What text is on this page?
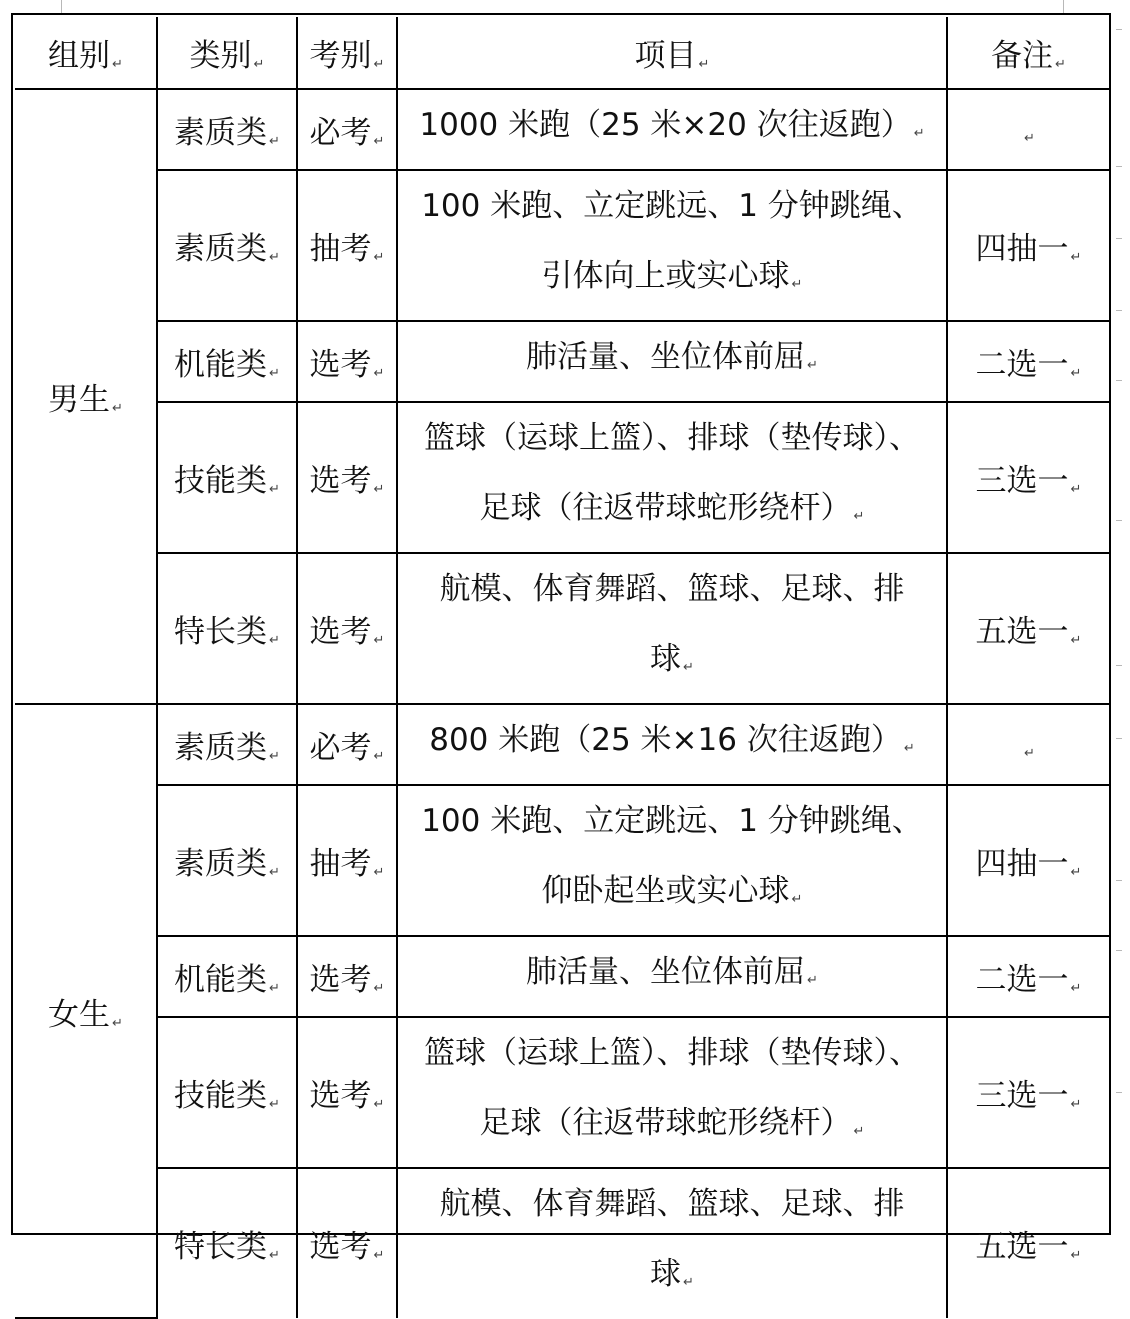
组别 ↵	类别 ↵	考别 ↵	项目 ↵	备注 ↵
男生 ↵	素质类 ↵	必考 ↵	1000 米跑（25 米×20 次往返跑） ↵	↵
	素质类 ↵	抽考 ↵	100 米跑、立定跳远、1 分钟跳绳、
引体向上或实心球 ↵	四抽一 ↵
	机能类 ↵	选考 ↵	肺活量、坐位体前屈 ↵	二选一 ↵
	技能类 ↵	选考 ↵	篮球（运球上篮）、排球（垫传球）、
足球（往返带球蛇形绕杆） ↵	三选一 ↵
	特长类 ↵	选考 ↵	航模、体育舞蹈、篮球、足球、排
球 ↵	五选一 ↵
女生 ↵	素质类 ↵	必考 ↵	800 米跑（25 米×16 次往返跑） ↵	↵
	素质类 ↵	抽考 ↵	100 米跑、立定跳远、1 分钟跳绳、
仰卧起坐或实心球 ↵	四抽一 ↵
	机能类 ↵	选考 ↵	肺活量、坐位体前屈 ↵	二选一 ↵
	技能类 ↵	选考 ↵	篮球（运球上篮）、排球（垫传球）、
足球（往返带球蛇形绕杆） ↵	三选一 ↵
	特长类 ↵	选考 ↵	航模、体育舞蹈、篮球、足球、排
球 ↵	五选一 ↵
